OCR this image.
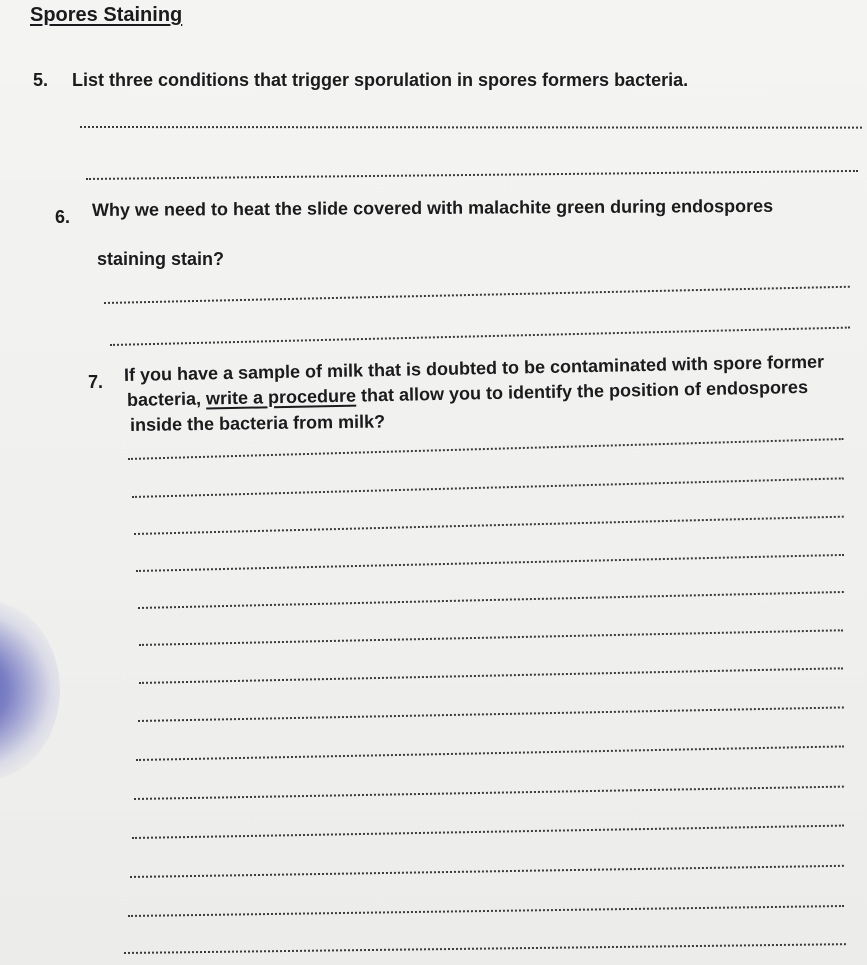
Spores Staining
5. List three conditions that trigger sporulation in spores formers bacteria.

6. Why we need to heat the slide covered with malachite green during endospores

staining stain?

7. If you have a sample of milk that is doubted to be contaminated with spore former

bacteria, write a procedure that allow you to identify the position of endospores

inside the bacteria from milk?
